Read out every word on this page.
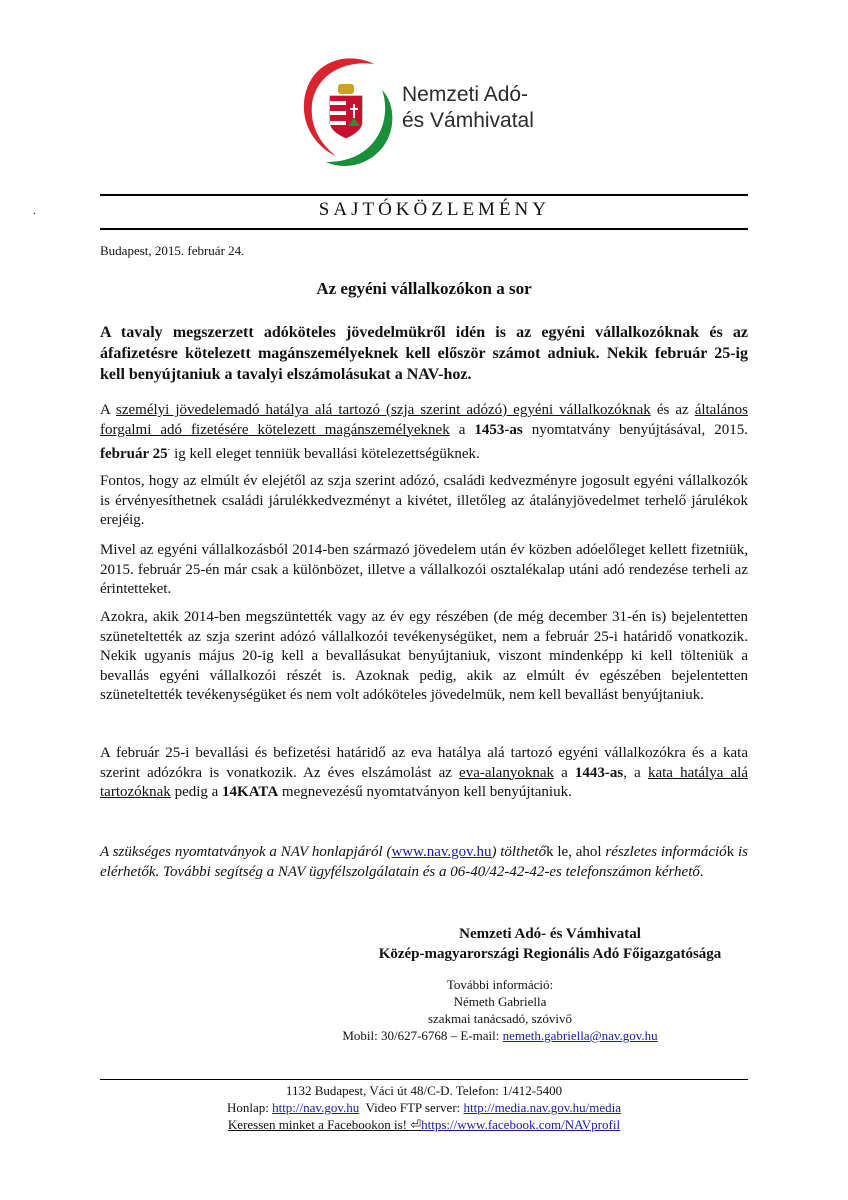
Nemzeti Adó-
és Vámhivatal
.	SAJTÓKÖZLEMÉNY
Budapest, 2015. február 24.
Az egyéni vállalkozókon a sor
A tavaly megszerzett adóköteles jövedelmükről idén is az egyéni vállalkozóknak és az áfafizetésre kötelezett magánszemélyeknek kell először számot adniuk. Nekik február 25-ig kell benyújtaniuk a tavalyi elszámolásukat a NAV-hoz.
A személyi jövedelemadó hatálya alá tartozó (szja szerint adózó) egyéni vállalkozóknak és az általános forgalmi adó fizetésére kötelezett magánszemélyeknek a 1453-as nyomtatvány benyújtásával, 2015. február 25- ig kell eleget tenniük bevallási kötelezettségüknek.
Fontos, hogy az elmúlt év elejétől az szja szerint adózó, családi kedvezményre jogosult egyéni vállalkozók is érvényesíthetnek családi járulékkedvezményt a kivétet, illetőleg az átalányjövedelmet terhelő járulékok erejéig.
Mivel az egyéni vállalkozásból 2014-ben származó jövedelem után év közben adóelőleget kellett fizetniük, 2015. február 25-én már csak a különbözet, illetve a vállalkozói osztalékalap utáni adó rendezése terheli az érintetteket.
Azokra, akik 2014-ben megszüntették vagy az év egy részében (de még december 31-én is) bejelentetten szüneteltették az szja szerint adózó vállalkozói tevékenységüket, nem a február 25-i határidő vonatkozik. Nekik ugyanis május 20-ig kell a bevallásukat benyújtaniuk, viszont mindenképp ki kell tölteniük a bevallás egyéni vállalkozói részét is. Azoknak pedig, akik az elmúlt év egészében bejelentetten szüneteltették tevékenységüket és nem volt adóköteles jövedelmük, nem kell bevallást benyújtaniuk.
A február 25-i bevallási és befizetési határidő az eva hatálya alá tartozó egyéni vállalkozókra és a kata szerint adózókra is vonatkozik. Az éves elszámolást az eva-alanyoknak a 1443-as, a kata hatálya alá tartozóknak pedig a 14KATA megnevezésű nyomtatványon kell benyújtaniuk.
A szükséges nyomtatványok a NAV honlapjáról (www.nav.gov.hu) tölthetők le, ahol részletes információk is elérhetők. További segítség a NAV ügyfélszolgálatain és a 06-40/42-42-42-es telefonszámon kérhető.
Nemzeti Adó- és Vámhivatal
Közép-magyarországi Regionális Adó Főigazgatósága
További információ:
Németh Gabriella
szakmai tanácsadó, szóvivő
Mobil: 30/627-6768 – E-mail: nemeth.gabriella@nav.gov.hu
1132 Budapest, Váci út 48/C-D. Telefon: 1/412-5400
Honlap: http://nav.gov.hu  Video FTP server: http://media.nav.gov.hu/media
Keressen minket a Facebookon is! ⏎https://www.facebook.com/NAVprofil
